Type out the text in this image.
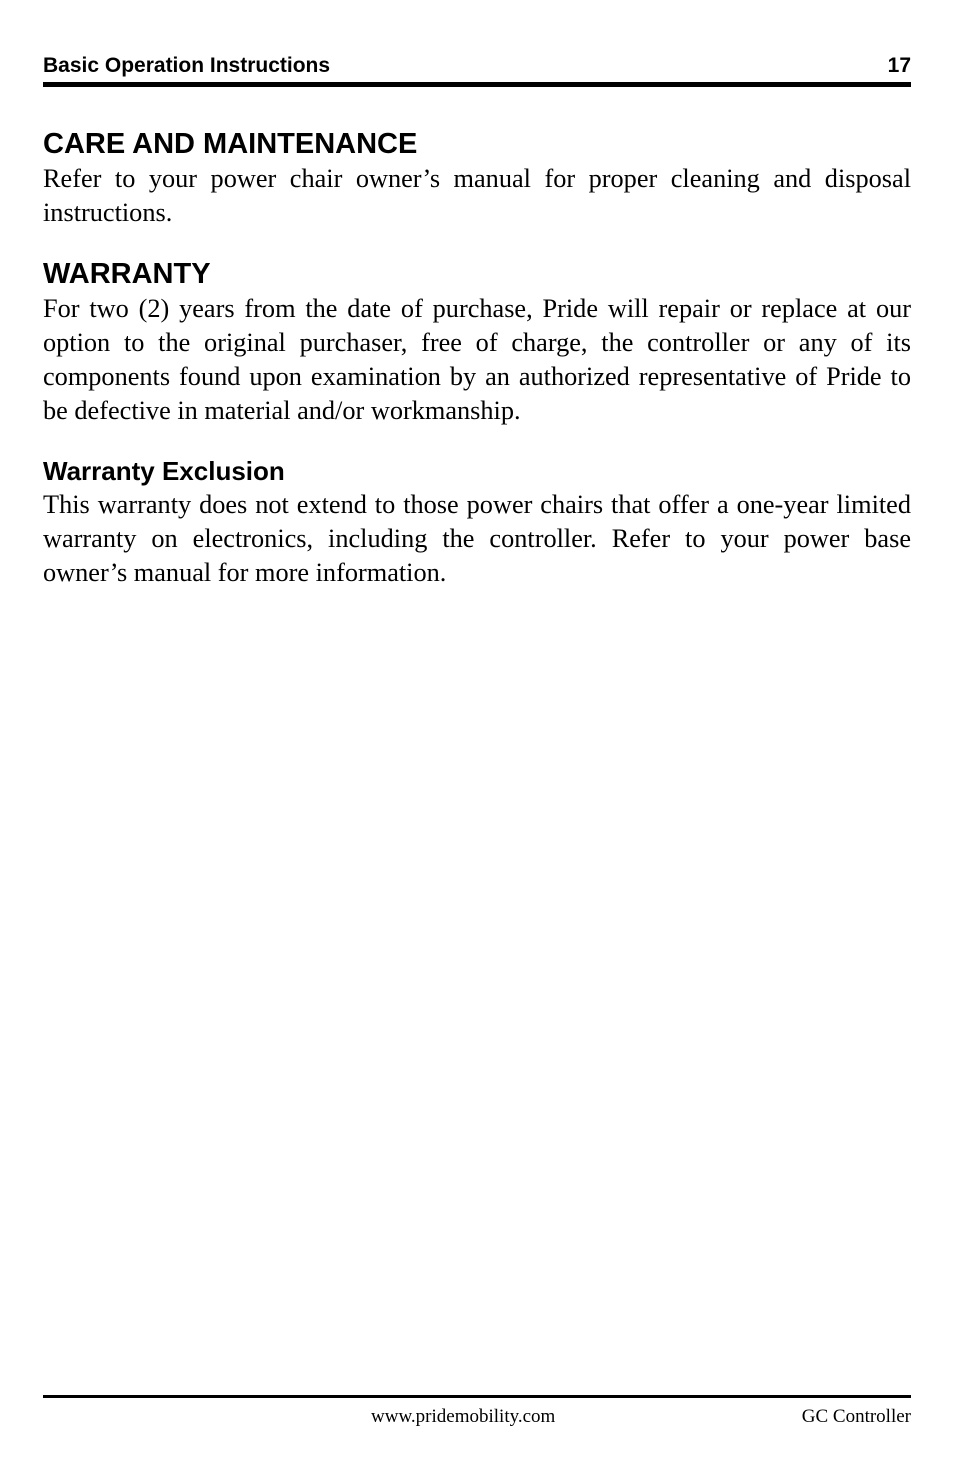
Basic Operation Instructions	17
CARE AND MAINTENANCE

Refer to your power chair owner’s manual for proper cleaning and disposal instructions.

WARRANTY

For two (2) years from the date of purchase, Pride will repair or replace at our option to the original purchaser, free of charge, the controller or any of its components found upon examination by an authorized representative of Pride to be defective in material and/or workmanship.

Warranty Exclusion

This warranty does not extend to those power chairs that offer a one-year limited warranty on electronics, including the controller. Refer to your power base owner’s manual for more information.

www.pridemobility.com	GC Controller
